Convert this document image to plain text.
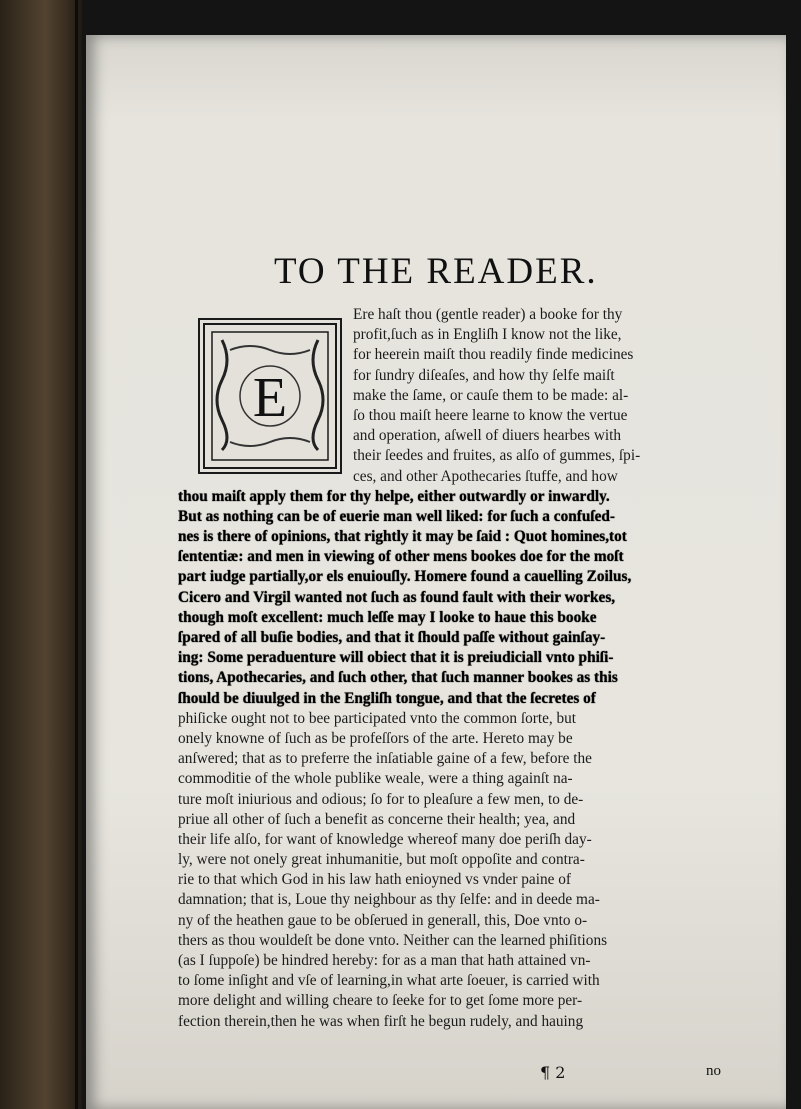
TO THE READER.
E
Ere haſt thou (gentle reader) a booke for thy
profit,ſuch as in Engliſh I know not the like,
for heerein maiſt thou readily finde medicines
for ſundry diſeaſes, and how thy ſelfe maiſt
make the ſame, or cauſe them to be made: al-
ſo thou maiſt heere learne to know the vertue
and operation, aſwell of diuers hearbes with
their ſeedes and fruites, as alſo of gummes, ſpi-
ces, and other Apothecaries ſtuffe, and how
thou maiſt apply them for thy helpe, either outwardly or inwardly.
But as nothing can be of euerie man well liked: for ſuch a confuſed-
nes is there of opinions, that rightly it may be ſaid : Quot homines,tot
ſententiæ: and men in viewing of other mens bookes doe for the moſt
part iudge partially,or els enuiouſly. Homere found a cauelling Zoilus,
Cicero and Virgil wanted not ſuch as found fault with their workes,
though moſt excellent: much leſſe may I looke to haue this booke
ſpared of all buſie bodies, and that it ſhould paſſe without gainſay-
ing: Some peraduenture will obiect that it is preiudiciall vnto phiſi-
tions, Apothecaries, and ſuch other, that ſuch manner bookes as this
ſhould be diuulged in the Engliſh tongue, and that the ſecretes of
phiſicke ought not to bee participated vnto the common ſorte, but
onely knowne of ſuch as be profeſſors of the arte. Hereto may be
anſwered; that as to preferre the inſatiable gaine of a few, before the
commoditie of the whole publike weale, were a thing againſt na-
ture moſt iniurious and odious; ſo for to pleaſure a few men, to de-
priue all other of ſuch a benefit as concerne their health; yea, and
their life alſo, for want of knowledge whereof many doe periſh day-
ly, were not onely great inhumanitie, but moſt oppoſite and contra-
rie to that which God in his law hath enioyned vs vnder paine of
damnation; that is, Loue thy neighbour as thy ſelfe: and in deede ma-
ny of the heathen gaue to be obſerued in generall, this, Doe vnto o-
thers as thou wouldeſt be done vnto. Neither can the learned phiſitions
(as I ſuppoſe) be hindred hereby: for as a man that hath attained vn-
to ſome inſight and vſe of learning,in what arte ſoeuer, is carried with
more delight and willing cheare to ſeeke for to get ſome more per-
fection therein,then he was when firſt he begun rudely, and hauing
¶ 2	no
